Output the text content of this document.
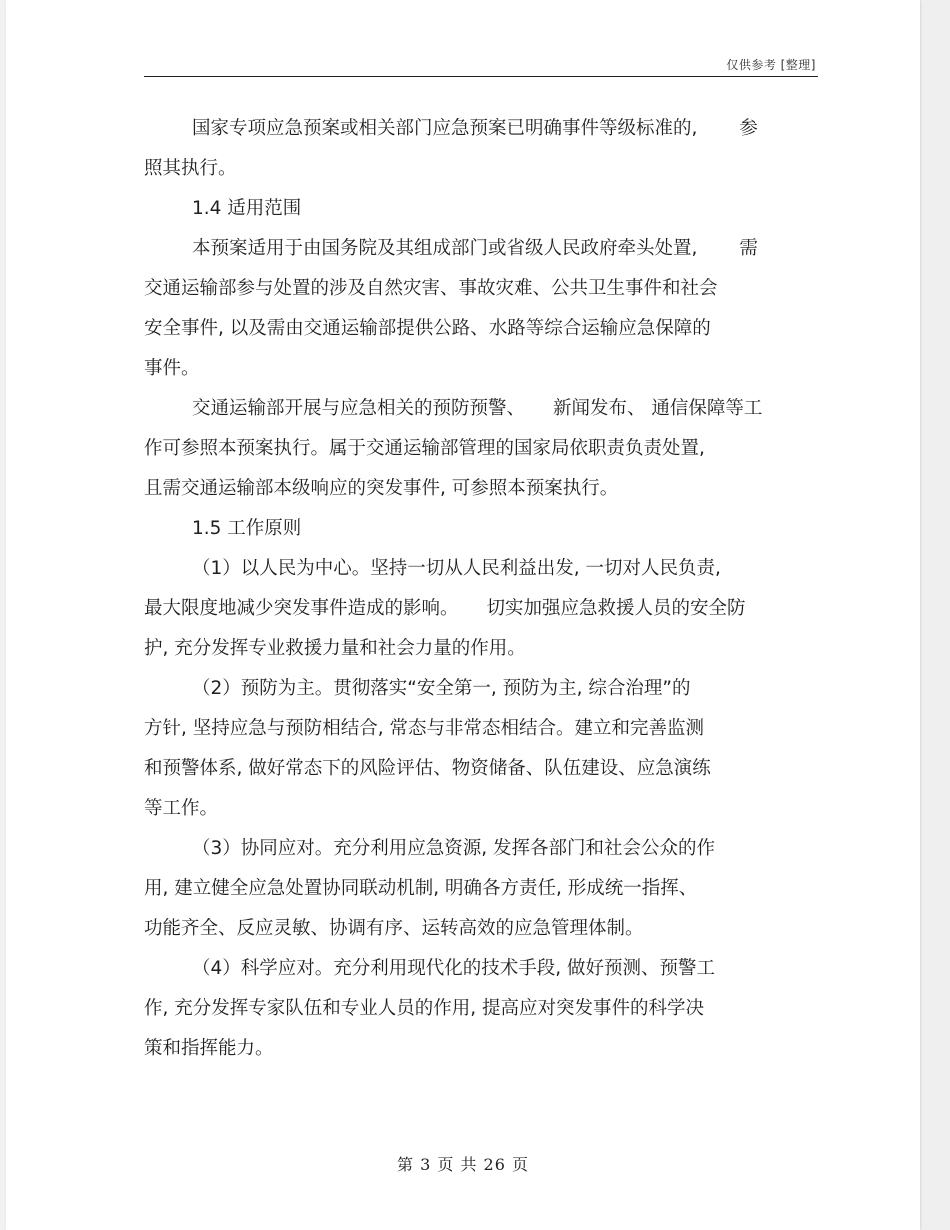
仅供参考 [整理]
国家专项应急预案或相关部门应急预案已明确事件等级标准的, 参
照其执行。
1.4 适用范围
本预案适用于由国务院及其组成部门或省级人民政府牵头处置, 需
交通运输部参与处置的涉及自然灾害、事故灾难、公共卫生事件和社会
安全事件, 以及需由交通运输部提供公路、水路等综合运输应急保障的
事件。
交通运输部开展与应急相关的预防预警、 新闻发布、 通信保障等工
作可参照本预案执行。属于交通运输部管理的国家局依职责负责处置,
且需交通运输部本级响应的突发事件, 可参照本预案执行。
1.5 工作原则
（1）以人民为中心。坚持一切从人民利益出发, 一切对人民负责,
最大限度地减少突发事件造成的影响。 切实加强应急救援人员的安全防
护, 充分发挥专业救援力量和社会力量的作用。
（2）预防为主。贯彻落实“安全第一, 预防为主, 综合治理”的
方针, 坚持应急与预防相结合, 常态与非常态相结合。建立和完善监测
和预警体系, 做好常态下的风险评估、物资储备、队伍建设、应急演练
等工作。
（3）协同应对。充分利用应急资源, 发挥各部门和社会公众的作
用, 建立健全应急处置协同联动机制, 明确各方责任, 形成统一指挥、
功能齐全、反应灵敏、协调有序、运转高效的应急管理体制。
（4）科学应对。充分利用现代化的技术手段, 做好预测、预警工
作, 充分发挥专家队伍和专业人员的作用, 提高应对突发事件的科学决
策和指挥能力。
第 3 页 共 26 页
